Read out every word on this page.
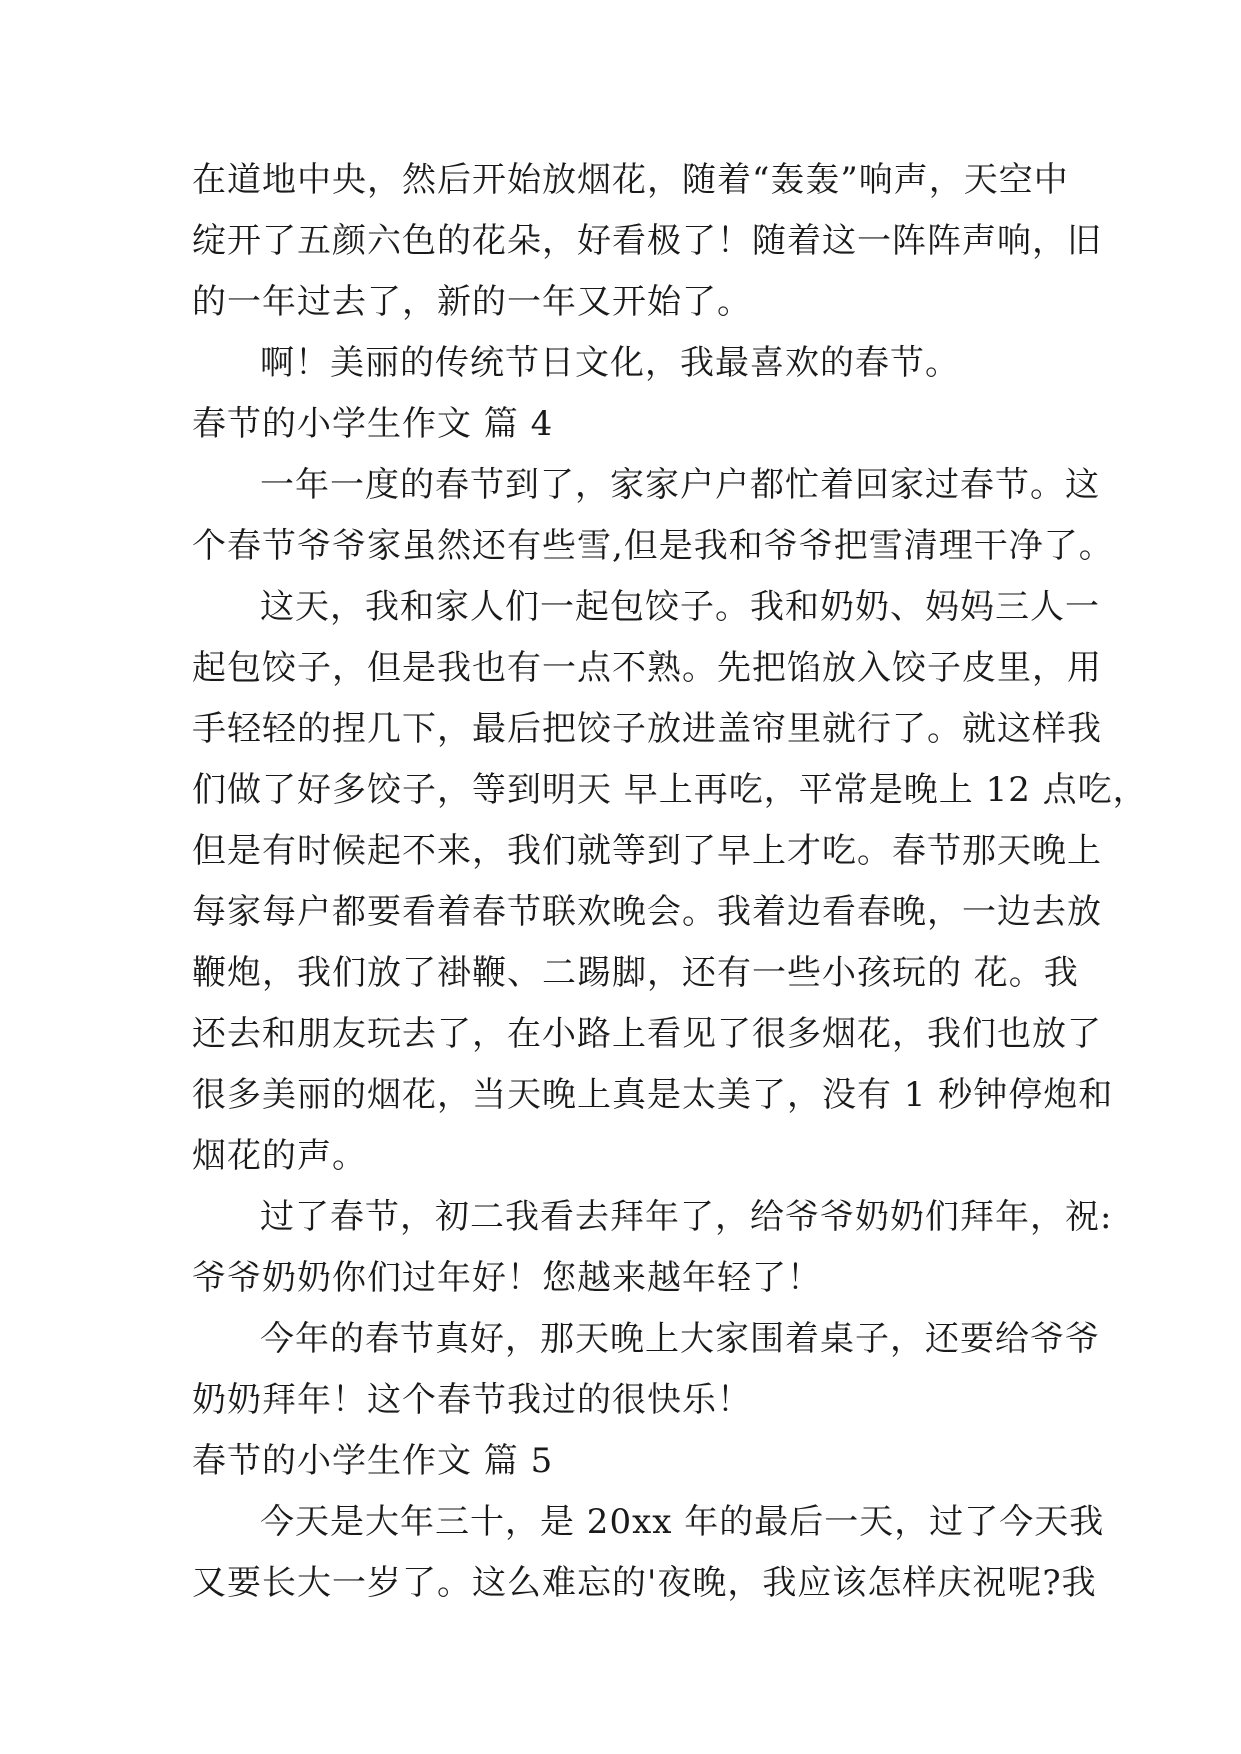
在道地中央，然后开始放烟花，随着“轰轰”响声，天空中
绽开了五颜六色的花朵，好看极了！随着这一阵阵声响，旧
的一年过去了，新的一年又开始了。
啊！美丽的传统节日文化，我最喜欢的春节。
春节的小学生作文 篇 4
一年一度的春节到了，家家户户都忙着回家过春节。这
个春节爷爷家虽然还有些雪,但是我和爷爷把雪清理干净了。
这天，我和家人们一起包饺子。我和奶奶、妈妈三人一
起包饺子，但是我也有一点不熟。先把馅放入饺子皮里，用
手轻轻的捏几下，最后把饺子放进盖帘里就行了。就这样我
们做了好多饺子，等到明天 早上再吃，平常是晚上 12 点吃，
但是有时候起不来，我们就等到了早上才吃。春节那天晚上
每家每户都要看着春节联欢晚会。我着边看春晚，一边去放
鞭炮，我们放了褂鞭、二踢脚，还有一些小孩玩的 花。我
还去和朋友玩去了，在小路上看见了很多烟花，我们也放了
很多美丽的烟花，当天晚上真是太美了，没有 1 秒钟停炮和
烟花的声。
过了春节，初二我看去拜年了，给爷爷奶奶们拜年，祝:
爷爷奶奶你们过年好！您越来越年轻了！
今年的春节真好，那天晚上大家围着桌子，还要给爷爷
奶奶拜年！这个春节我过的很快乐！
春节的小学生作文 篇 5
今天是大年三十，是 20xx 年的最后一天，过了今天我
又要长大一岁了。这么难忘的'夜晚，我应该怎样庆祝呢?我
